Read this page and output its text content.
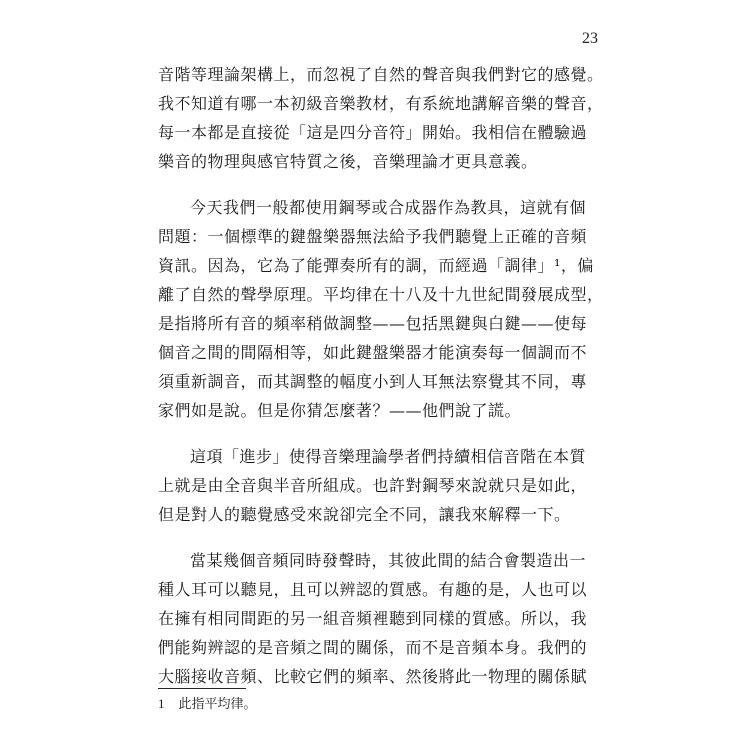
23
音階等理論架構上，而忽視了自然的聲音與我們對它的感覺。
我不知道有哪一本初級音樂教材，有系統地講解音樂的聲音，
每一本都是直接從「這是四分音符」開始。我相信在體驗過
樂音的物理與感官特質之後，音樂理論才更具意義。
今天我們一般都使用鋼琴或合成器作為教具，這就有個
問題：一個標準的鍵盤樂器無法給予我們聽覺上正確的音頻
資訊。因為，它為了能彈奏所有的調，而經過「調律」¹，偏
離了自然的聲學原理。平均律在十八及十九世紀間發展成型，
是指將所有音的頻率稍做調整——包括黑鍵與白鍵——使每
個音之間的間隔相等，如此鍵盤樂器才能演奏每一個調而不
須重新調音，而其調整的幅度小到人耳無法察覺其不同，專
家們如是說。但是你猜怎麼著？——他們說了謊。
這項「進步」使得音樂理論學者們持續相信音階在本質
上就是由全音與半音所組成。也許對鋼琴來說就只是如此，
但是對人的聽覺感受來說卻完全不同，讓我來解釋一下。
當某幾個音頻同時發聲時，其彼此間的結合會製造出一
種人耳可以聽見，且可以辨認的質感。有趣的是，人也可以
在擁有相同間距的另一組音頻裡聽到同樣的質感。所以，我
們能夠辨認的是音頻之間的關係，而不是音頻本身。我們的
大腦接收音頻、比較它們的頻率、然後將此一物理的關係賦
1 此指平均律。
